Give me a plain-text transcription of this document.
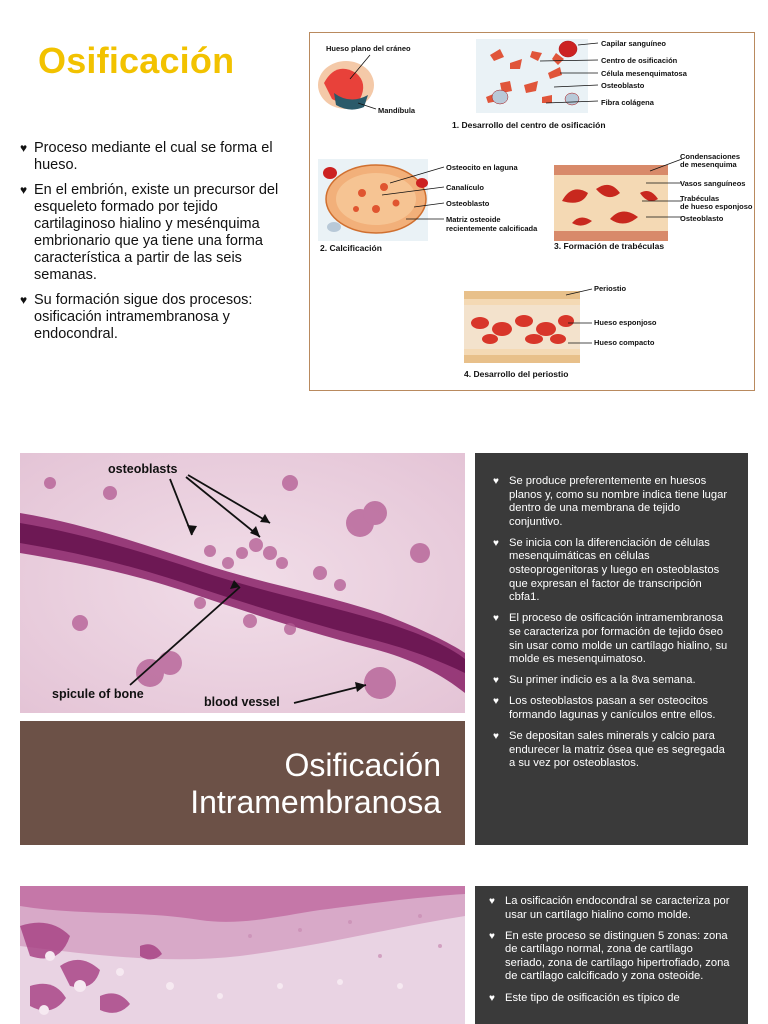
Osificación
♥ Proceso mediante el cual se forma el hueso.
♥ En el embrión, existe un precursor del esqueleto formado por tejido cartilaginoso hialino y mesénquima embrionario que ya tiene una forma característica a partir de las seis semanas.
♥ Su formación sigue dos procesos: osificación intramembranosa y endocondral.
Hueso plano del cráneo
Mandíbula
Capilar sanguíneo
Centro de osificación
Célula mesenquimatosa
Osteoblasto
Fibra colágena
1. Desarrollo del centro de osificación
Osteocito en laguna
Canalículo
Osteoblasto
Matriz osteoide
recientemente calcificada
2. Calcificación
Condensaciones
de mesenquima
Vasos sanguíneos
Trabéculas
de hueso esponjoso
Osteoblasto
3. Formación de trabéculas
Periostio
Hueso esponjoso
Hueso compacto
4. Desarrollo del periostio
osteoblasts
spicule of bone
blood vessel
Osificación
Intramembranosa
♥ Se produce preferentemente en huesos planos y, como su nombre indica tiene lugar dentro de una membrana de tejido conjuntivo.
♥ Se inicia con la diferenciación de células mesenquimáticas en células osteoprogenitoras y luego en osteoblastos que expresan el factor de transcripción cbfa1.
♥ El proceso de osificación intramembranosa se caracteriza por formación de tejido óseo sin usar como molde un cartílago hialino, su molde es mesenquimatoso.
♥ Su primer indicio es a la 8va semana.
♥ Los osteoblastos pasan a ser osteocitos formando lagunas y canículos entre ellos.
♥ Se depositan sales minerals y calcio para endurecer la matriz ósea que es segregada a su vez por osteoblastos.
♥ La osificación endocondral se caracteriza por usar un cartílago hialino como molde.
♥ En este proceso se distinguen 5 zonas: zona de cartílago normal, zona de cartílago seriado, zona de cartílago hipertrofiado, zona de cartílago calcificado y zona osteoide.
♥ Este tipo de osificación es típico de
